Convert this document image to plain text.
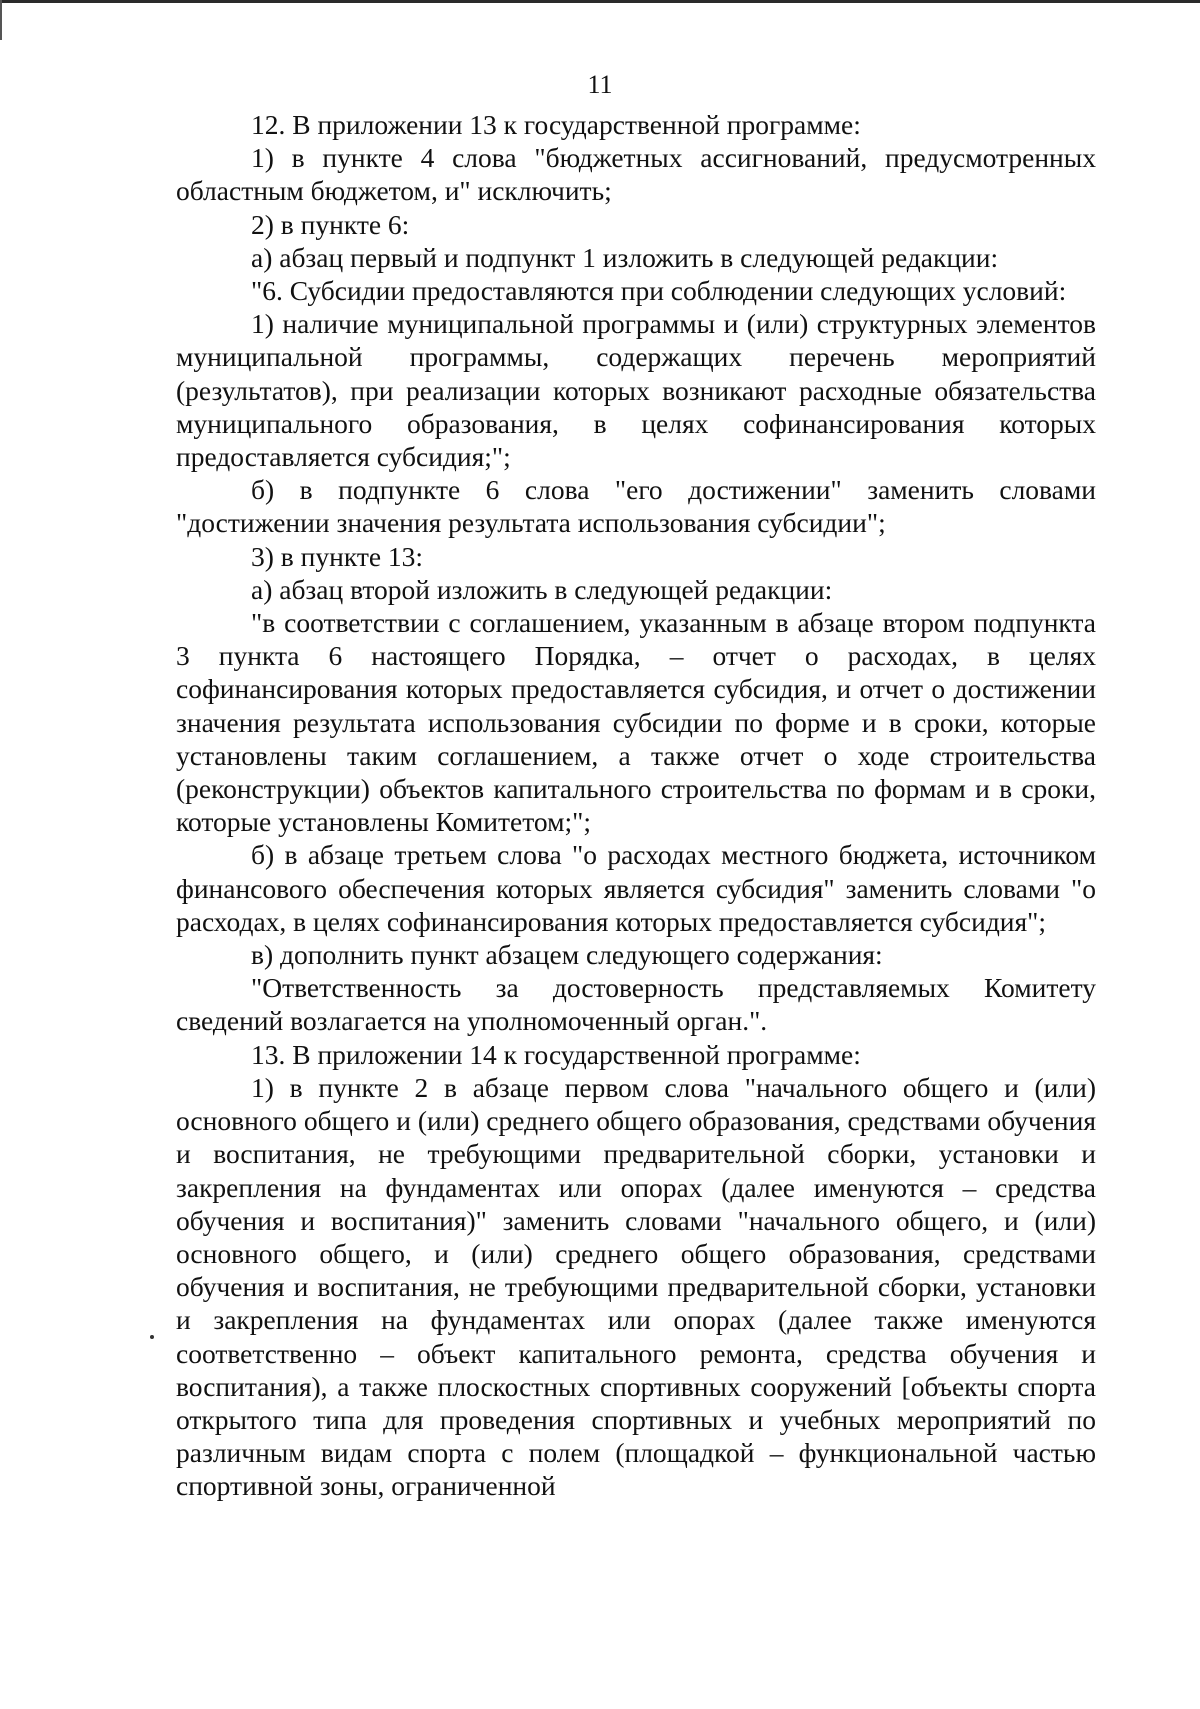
11

12. В приложении 13 к государственной программе:

1) в пункте 4 слова "бюджетных ассигнований, предусмотренных областным бюджетом, и" исключить;

2) в пункте 6:

а) абзац первый и подпункт 1 изложить в следующей редакции:

"6. Субсидии предоставляются при соблюдении следующих условий:

1) наличие муниципальной программы и (или) структурных элементов муниципальной программы, содержащих перечень мероприятий (результатов), при реализации которых возникают расходные обязательства муниципального образования, в целях софинансирования которых предоставляется субсидия;";

б) в подпункте 6 слова "его достижении" заменить словами "достижении значения результата использования субсидии";

3) в пункте 13:

а) абзац второй изложить в следующей редакции:

"в соответствии с соглашением, указанным в абзаце втором подпункта 3 пункта 6 настоящего Порядка, – отчет о расходах, в целях софинансирования которых предоставляется субсидия, и отчет о достижении значения результата использования субсидии по форме и в сроки, которые установлены таким соглашением, а также отчет о ходе строительства (реконструкции) объектов капитального строительства по формам и в сроки, которые установлены Комитетом;";

б) в абзаце третьем слова "о расходах местного бюджета, источником финансового обеспечения которых является субсидия" заменить словами "о расходах, в целях софинансирования которых предоставляется субсидия";

в) дополнить пункт абзацем следующего содержания:

"Ответственность за достоверность представляемых Комитету сведений возлагается на уполномоченный орган.".

13. В приложении 14 к государственной программе:

1) в пункте 2 в абзаце первом слова "начального общего и (или) основного общего и (или) среднего общего образования, средствами обучения и воспитания, не требующими предварительной сборки, установки и закрепления на фундаментах или опорах (далее именуются – средства обучения и воспитания)" заменить словами "начального общего, и (или) основного общего, и (или) среднего общего образования, средствами обучения и воспитания, не требующими предварительной сборки, установки и закрепления на фундаментах или опорах (далее также именуются соответственно – объект капитального ремонта, средства обучения и воспитания), а также плоскостных спортивных сооружений [объекты спорта открытого типа для проведения спортивных и учебных мероприятий по различным видам спорта с полем (площадкой – функциональной частью спортивной зоны, ограниченной
